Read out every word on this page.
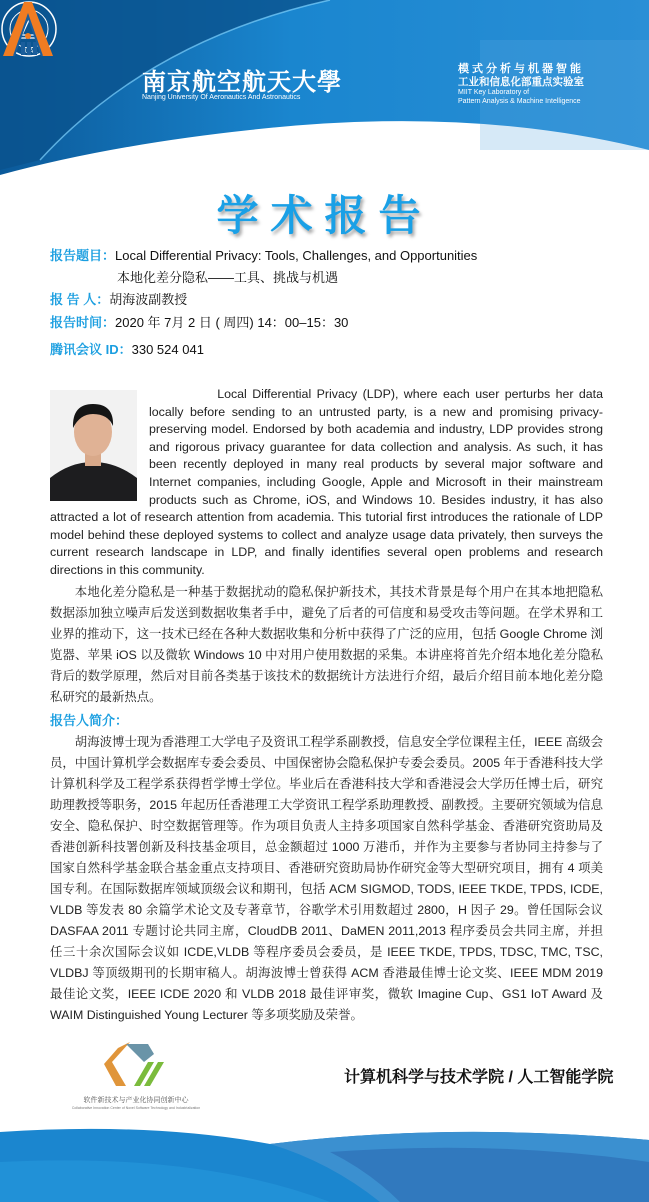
南京航空航天大學
Nanjing University Of Aeronautics And Astronautics
模式分析与机器智能
工业和信息化部重点实验室
MIIT Key Laboratory of
Pattern Analysis & Machine Intelligence
学术报告
报告题目：Local Differential Privacy: Tools, Challenges, and Opportunities
本地化差分隐私——工具、挑战与机遇
报 告 人：胡海波副教授
报告时间：2020 年 7月 2 日 ( 周四) 14：00–15：30
腾讯会议 ID：330 524 041
Local Differential Privacy (LDP), where each user perturbs her data locally before sending to an untrusted party, is a new and promising privacy-preserving model. Endorsed by both academia and industry, LDP provides strong and rigorous privacy guarantee for data collection and analysis. As such, it has been recently deployed in many real products by several major software and Internet companies, including Google, Apple and Microsoft in their mainstream products such as Chrome, iOS, and Windows 10. Besides industry, it has also attracted a lot of research attention from academia. This tutorial first introduces the rationale of LDP model behind these deployed systems to collect and analyze usage data privately, then surveys the current research landscape in LDP, and finally identifies several open problems and research directions in this community.
本地化差分隐私是一种基于数据扰动的隐私保护新技术，其技术背景是每个用户在其本地把隐私数据添加独立噪声后发送到数据收集者手中，避免了后者的可信度和易受攻击等问题。在学术界和工业界的推动下，这一技术已经在各种大数据收集和分析中获得了广泛的应用，包括 Google Chrome 浏览器、苹果 iOS 以及微软 Windows 10 中对用户使用数据的采集。本讲座将首先介绍本地化差分隐私背后的数学原理，然后对目前各类基于该技术的数据统计方法进行介绍，最后介绍目前本地化差分隐私研究的最新热点。
报告人简介：
胡海波博士现为香港理工大学电子及资讯工程学系副教授，信息安全学位课程主任，IEEE 高级会员，中国计算机学会数据库专委会委员、中国保密协会隐私保护专委会委员。2005 年于香港科技大学计算机科学及工程学系获得哲学博士学位。毕业后在香港科技大学和香港浸会大学历任博士后，研究助理教授等职务，2015 年起历任香港理工大学资讯工程学系助理教授、副教授。主要研究领域为信息安全、隐私保护、时空数据管理等。作为项目负责人主持多项国家自然科学基金、香港研究资助局及香港创新科技署创新及科技基金项目，总金额超过 1000 万港币，并作为主要参与者协同主持参与了国家自然科学基金联合基金重点支持项目、香港研究资助局协作研究金等大型研究项目，拥有 4 项美国专利。在国际数据库领域顶级会议和期刊，包括 ACM SIGMOD, TODS, IEEE TKDE, TPDS, ICDE, VLDB 等发表 80 余篇学术论文及专著章节，谷歌学术引用数超过 2800，H 因子 29。曾任国际会议 DASFAA 2011 专题讨论共同主席，CloudDB 2011、DaMEN 2011,2013 程序委员会共同主席，并担任三十余次国际会议如 ICDE,VLDB 等程序委员会委员，是 IEEE TKDE, TPDS, TDSC, TMC, TSC, VLDBJ 等顶级期刊的长期审稿人。胡海波博士曾获得 ACM 香港最佳博士论文奖、IEEE MDM 2019 最佳论文奖，IEEE ICDE 2020 和 VLDB 2018 最佳评审奖，微软 Imagine Cup、GS1 IoT Award 及 WAIM Distinguished Young Lecturer 等多项奖励及荣誉。
软件新技术与产业化协同创新中心
Collaborative Innovation Center of Novel Software Technology and Industrialization
计算机科学与技术学院 / 人工智能学院
